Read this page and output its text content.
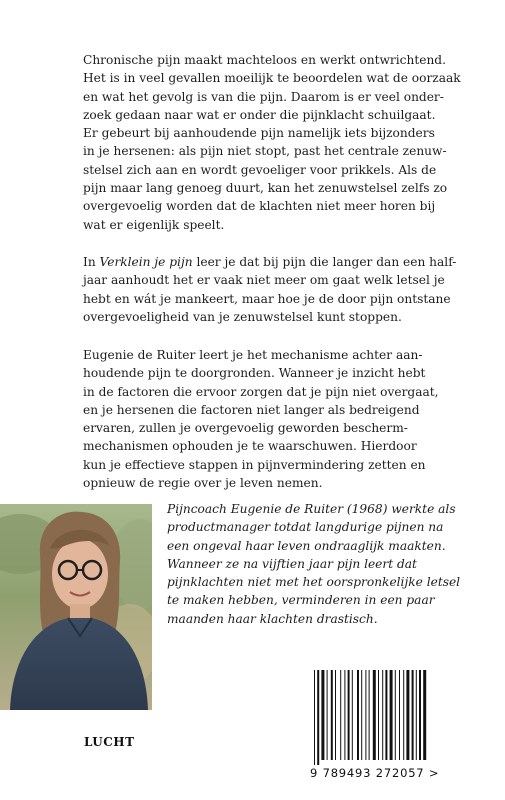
Chronische pijn maakt machteloos en werkt ontwrichtend.
Het is in veel gevallen moeilijk te beoordelen wat de oorzaak
en wat het gevolg is van die pijn. Daarom is er veel onder-
zoek gedaan naar wat er onder die pijnklacht schuilgaat.
Er gebeurt bij aanhoudende pijn namelijk iets bijzonders
in je hersenen: als pijn niet stopt, past het centrale zenuw-
stelsel zich aan en wordt gevoeliger voor prikkels. Als de
pijn maar lang genoeg duurt, kan het zenuwstelsel zelfs zo
overgevoelig worden dat de klachten niet meer horen bij
wat er eigenlijk speelt.
In Verklein je pijn leer je dat bij pijn die langer dan een half-
jaar aanhoudt het er vaak niet meer om gaat welk letsel je
hebt en wát je mankeert, maar hoe je de door pijn ontstane
overgevoeligheid van je zenuwstelsel kunt stoppen.
Eugenie de Ruiter leert je het mechanisme achter aan-
houdende pijn te doorgronden. Wanneer je inzicht hebt
in de factoren die ervoor zorgen dat je pijn niet overgaat,
en je hersenen die factoren niet langer als bedreigend
ervaren, zullen je overgevoelig geworden bescherm-
mechanismen ophouden je te waarschuwen. Hierdoor
kun je effectieve stappen in pijnvermindering zetten en
opnieuw de regie over je leven nemen.
Pijncoach Eugenie de Ruiter (1968) werkte als
productmanager totdat langdurige pijnen na
een ongeval haar leven ondraaglijk maakten.
Wanneer ze na vijftien jaar pijn leert dat
pijnklachten niet met het oorspronkelijke letsel
te maken hebben, verminderen in een paar
maanden haar klachten drastisch.
LUCHT
9 789493 272057 >
